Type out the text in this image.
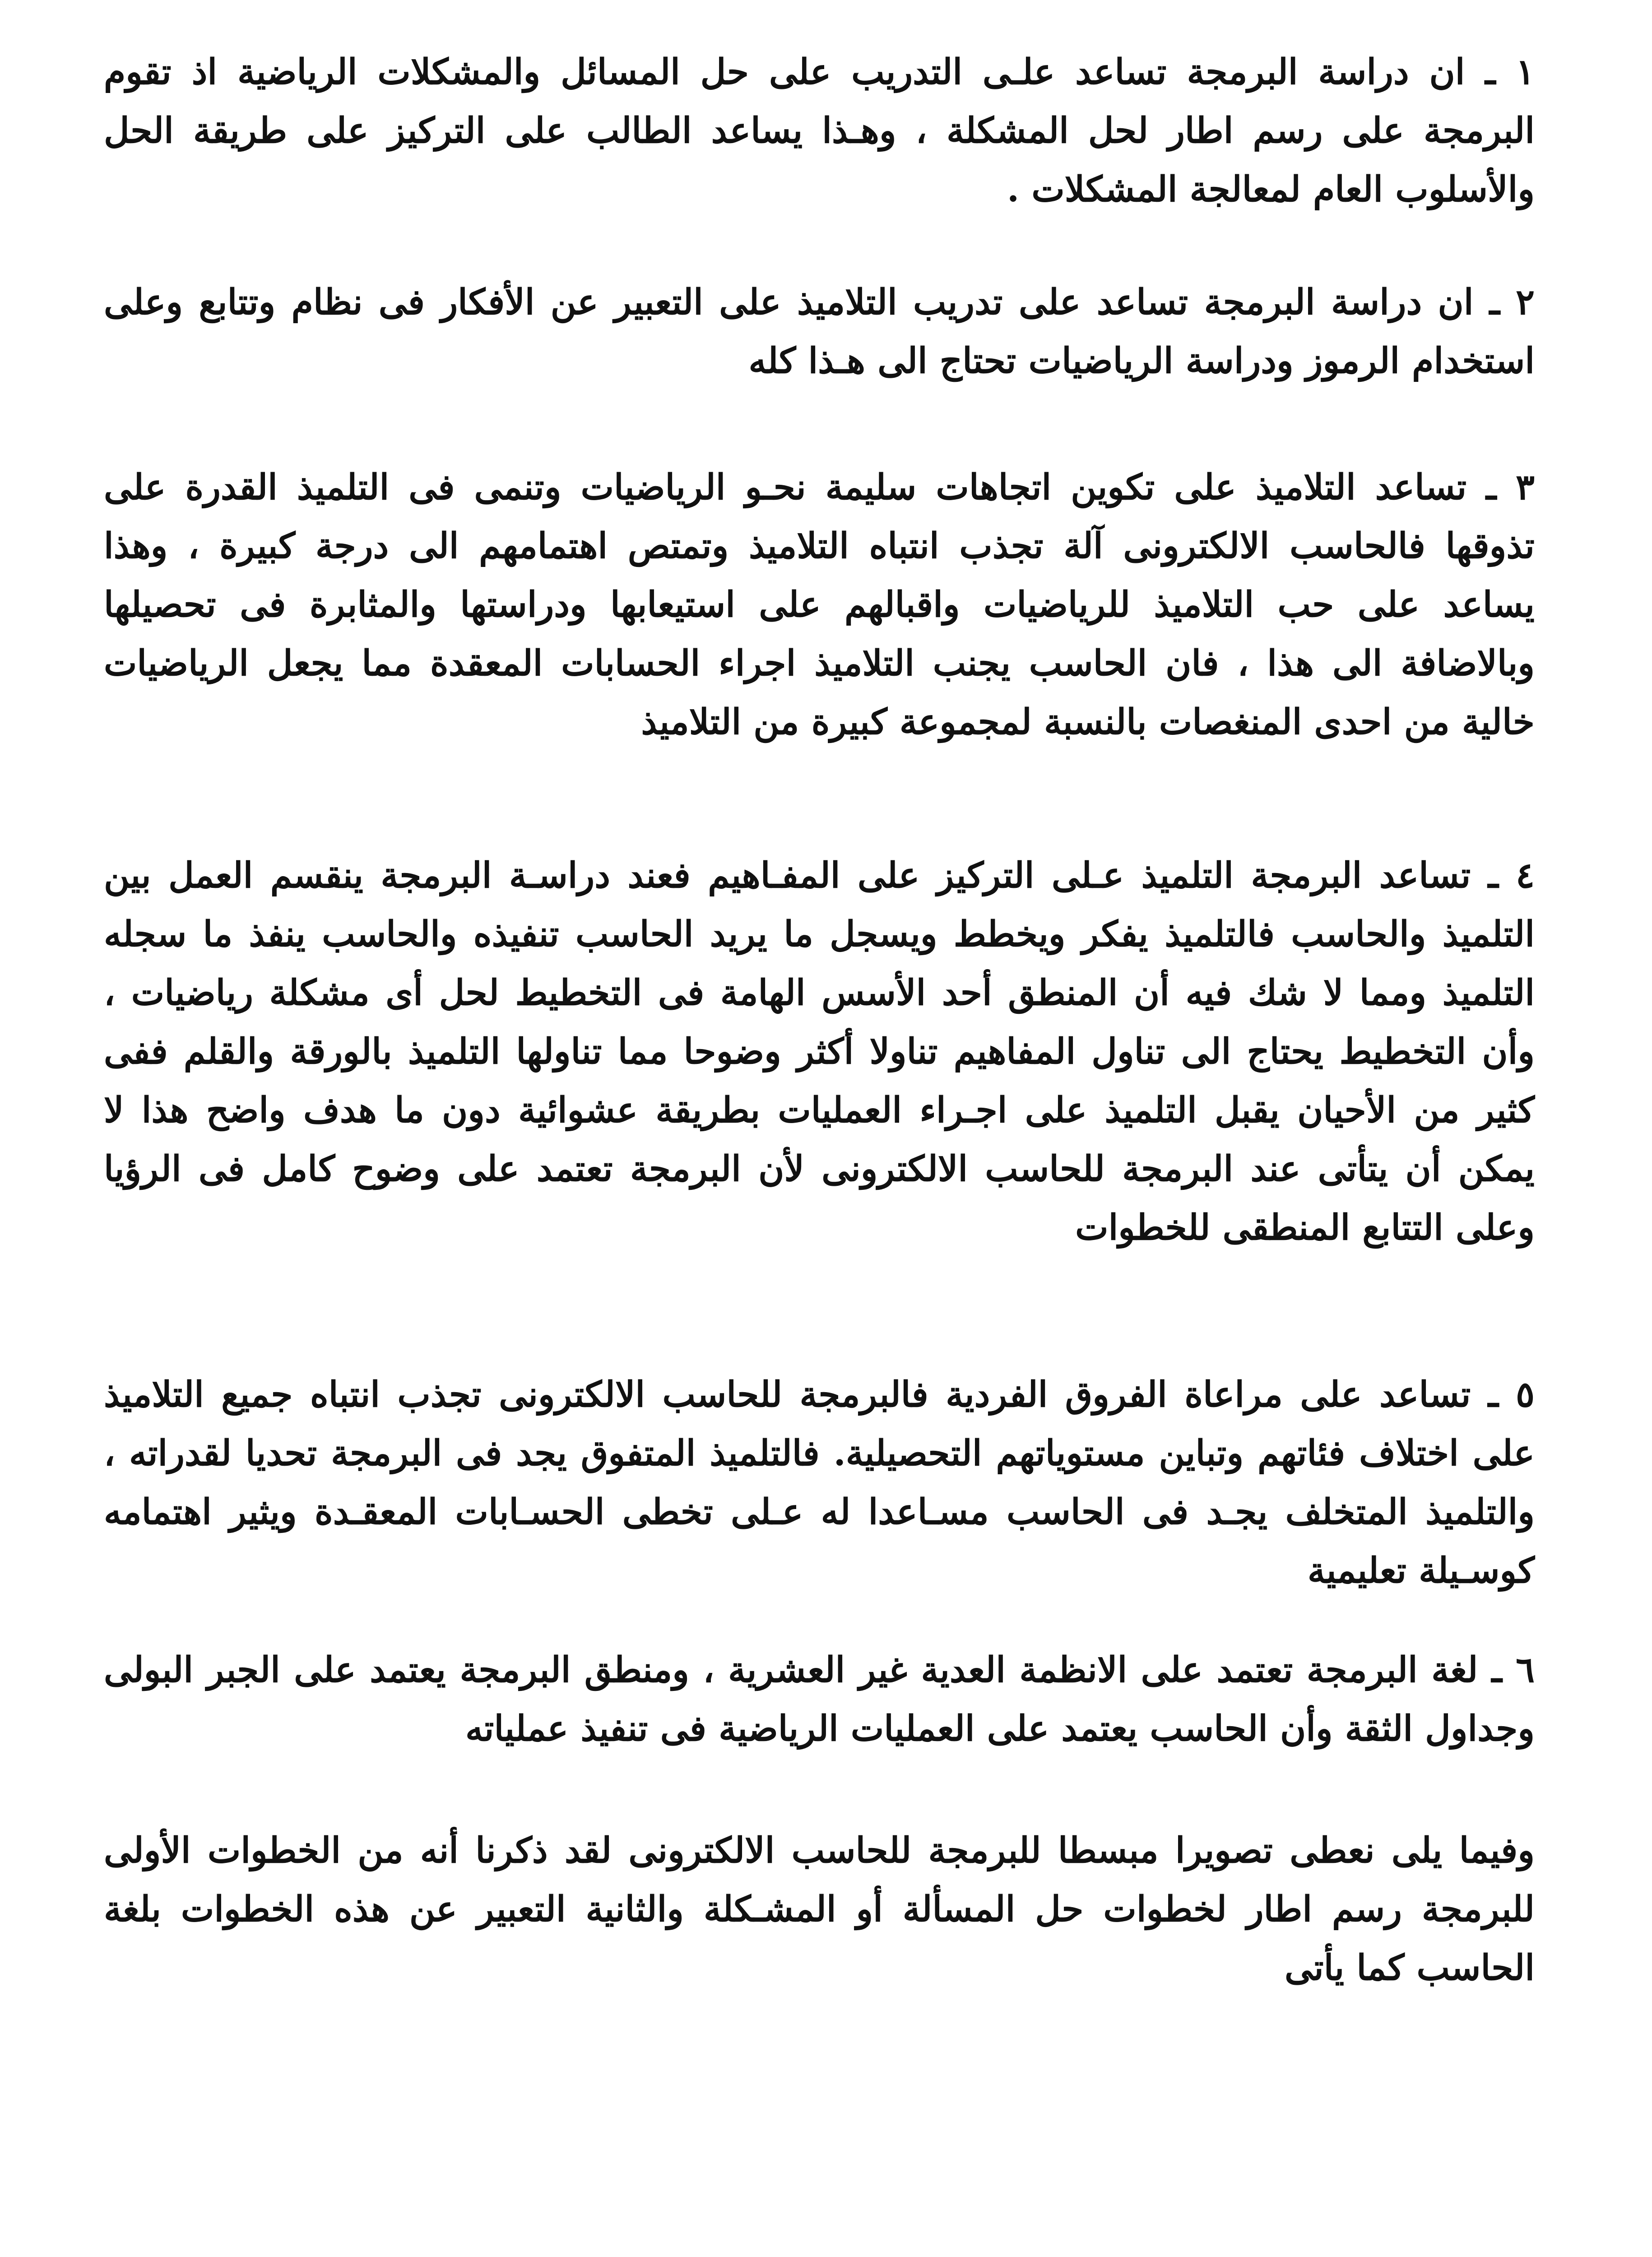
١ ـ ان دراسة البرمجة تساعد علـى التدريب على حل المسائل والمشكلات الرياضية اذ تقوم البرمجة على رسم اطار لحل المشكلة ، وهـذا يساعد الطالب على التركيز على طريقة الحل والأسلوب العام لمعالجة المشكلات .

٢ ـ ان دراسة البرمجة تساعد على تدريب التلاميذ على التعبير عن الأفكار فى نظام وتتابع وعلى استخدام الرموز ودراسة الرياضيات تحتاج الى هـذا كله

٣ ـ تساعد التلاميذ على تكوين اتجاهات سليمة نحـو الرياضيات وتنمى فى التلميذ القدرة على تذوقها فالحاسب الالكترونى آلة تجذب انتباه التلاميذ وتمتص اهتمامهم الى درجة كبيرة ، وهذا يساعد على حب التلاميذ للرياضيات واقبالهم على استيعابها ودراستها والمثابرة فى تحصيلها وبالاضافة الى هذا ، فان الحاسب يجنب التلاميذ اجراء الحسابات المعقدة مما يجعل الرياضيات خالية من احدى المنغصات بالنسبة لمجموعة كبيرة من التلاميذ

٤ ـ تساعد البرمجة التلميذ عـلى التركيز على المفـاهيم فعند دراسـة البرمجة ينقسم العمل بين التلميذ والحاسب فالتلميذ يفكر ويخطط ويسجل ما يريد الحاسب تنفيذه والحاسب ينفذ ما سجله التلميذ ومما لا شك فيه أن المنطق أحد الأسس الهامة فى التخطيط لحل أى مشكلة رياضيات ، وأن التخطيط يحتاج الى تناول المفاهيم تناولا أكثر وضوحا مما تناولها التلميذ بالورقة والقلم ففى كثير من الأحيان يقبل التلميذ على اجـراء العمليات بطريقة عشوائية دون ما هدف واضح هذا لا يمكن أن يتأتى عند البرمجة للحاسب الالكترونى لأن البرمجة تعتمد على وضوح كامل فى الرؤيا وعلى التتابع المنطقى للخطوات

٥ ـ تساعد على مراعاة الفروق الفردية فالبرمجة للحاسب الالكترونى تجذب انتباه جميع التلاميذ على اختلاف فئاتهم وتباين مستوياتهم التحصيلية. فالتلميذ المتفوق يجد فى البرمجة تحديا لقدراته ، والتلميذ المتخلف يجـد فى الحاسب مسـاعدا له عـلى تخطى الحسـابات المعقـدة ويثير اهتمامه كوسـيلة تعليمية

٦ ـ لغة البرمجة تعتمد على الانظمة العدية غير العشرية ، ومنطق البرمجة يعتمد على الجبر البولى وجداول الثقة وأن الحاسب يعتمد على العمليات الرياضية فى تنفيذ عملياته

وفيما يلى نعطى تصويرا مبسطا للبرمجة للحاسب الالكترونى لقد ذكرنا أنه من الخطوات الأولى للبرمجة رسم اطار لخطوات حل المسألة أو المشـكلة والثانية التعبير عن هذه الخطوات بلغة الحاسب كما يأتى
